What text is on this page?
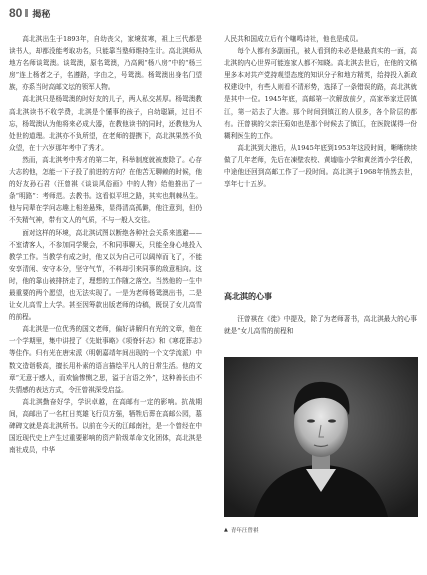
80 揭秘

高北淇出生于1893年，自幼丧父，家境贫寒，祖上三代都是读书人，却都没能考取功名，只能靠当塾师维持生计。高北淇师从地方名师谈鸳澳。谈鸳澳，原名鸳澳，乃高阙“杨八房”中的“杨三房”连上杨者之子，名遵路，字由之，号鸳澳。杨鸳澳出身名门望族，亦系当时高邮文坛的领军人物。

高北淇只是杨鸳澳的时好友的儿子，两人私交甚厚。杨鸳澳教高北淇读书不收学费，北淇是个懂事的孩子，自幼聪颖，过目不忘，杨鸳澳认为他将来必成大器，在教他读书的同时，还教他为人处世的道理。北淇亦不负所望，在老师的提携下，高北淇果然不负众望，在十六岁那年考中了秀才。

然而，高北淇考中秀才的第二年，科举制度就被废除了。心存大志的他，怎能一下子投了前进的方向？在他苦无聊赖的时候，他的好友孙石君（汪曾祺《谈谈风俗画》中的人物）给他推出了一条“明路”：考师范。去教书。这看似平坦之路，其实也荆棘丛生。他与同辈在学问志趣上相差悬殊，显得清高孤僻，他注意到，但仍不失精气神，带有文人的气质，不与一般人交往。

面对这样的环境，高北淇试图以断绝各种社会关系来逃避——不室请客人，不参加同学聚会，不和同事聊天，只能全身心地投入教学工作。当教学有成之时，他又以为自己可以阔绰而飞了，不能安享清闲、安守本分，坚守气节，不料却引来同事的敌意相向。这时，他的靠山被排挤走了，理想的工作随之落空。当然他的一生中最重要的两个愿望，也无法实现了。一是为老师杨鸳澳出书，二是让女儿高雪上大学。甚至因筹款出版老师的诗稿，既误了女儿高雪的前程。

高北淇是一位优秀的国文老师，偏好讲解归有光的文章，他在一个学期里，集中讲授了《先妣事略》《项脊轩志》和《寒花葬志》等佳作。归有光在唐宋派（明朝嘉靖年间出现的一个文学流派）中数文造诣极高，擅长用朴素的语言描绘平凡人的日常生活。他的文章“无意于感人，而欢愉惨恻之思，溢于言语之外”，这种善长由不失情感的表达方式，令汪曾祺深受启益。

高北淇勤奋好学，学识卓越，在高邮有一定的影响。抗战期间，高邮出了一名杠日英雄飞行员方强，牺牲后葬在高邮公园，墓碑碑文就是高北淇所书。以前在今天的江邮南社，是一个曾经在中国近现代史上产生过重要影响的资产阶级革命文化团体，高北淇是南社成员，中华

人民共和国成立后有个噻鸣诗社，他也是成员。

每个人都有多副面孔，被人看到的未必是他最真实的一面，高北淇的内心世界可能连家人都不知晓。高北淇去世后，在他的文稿里多本对共产党持观望态度的知识分子和地方精英，给持投入新政权建设中，有些人则看不清形势，选择了一条错误的路，高北淇就是其中一位。1945年底，高邮第一次解放前夕，高家举家迁居镇江，第一站去了大港。那个时间到镇江的人很多，各个阶层的都有。汪曾祺的父亲汪菊如也是那个时候去了镇江，在医院谋得一份糊利医生的工作。

高北淇到大港后，从1945年底到1953年这段时间，晰晰续续做了几年老师，先后在凍壁农校、黄墟临小学和黄丝湾小学任教，中途他还回到高邮工作了一段时间。高北淇于1968年悄然去世，享年七十五岁。

高北淇的心事

汪曾祺在《徙》中提及，除了为老师著书，高北淇最大的心事就是“女儿高雪的前程和

▲ 青年汪曾祺
